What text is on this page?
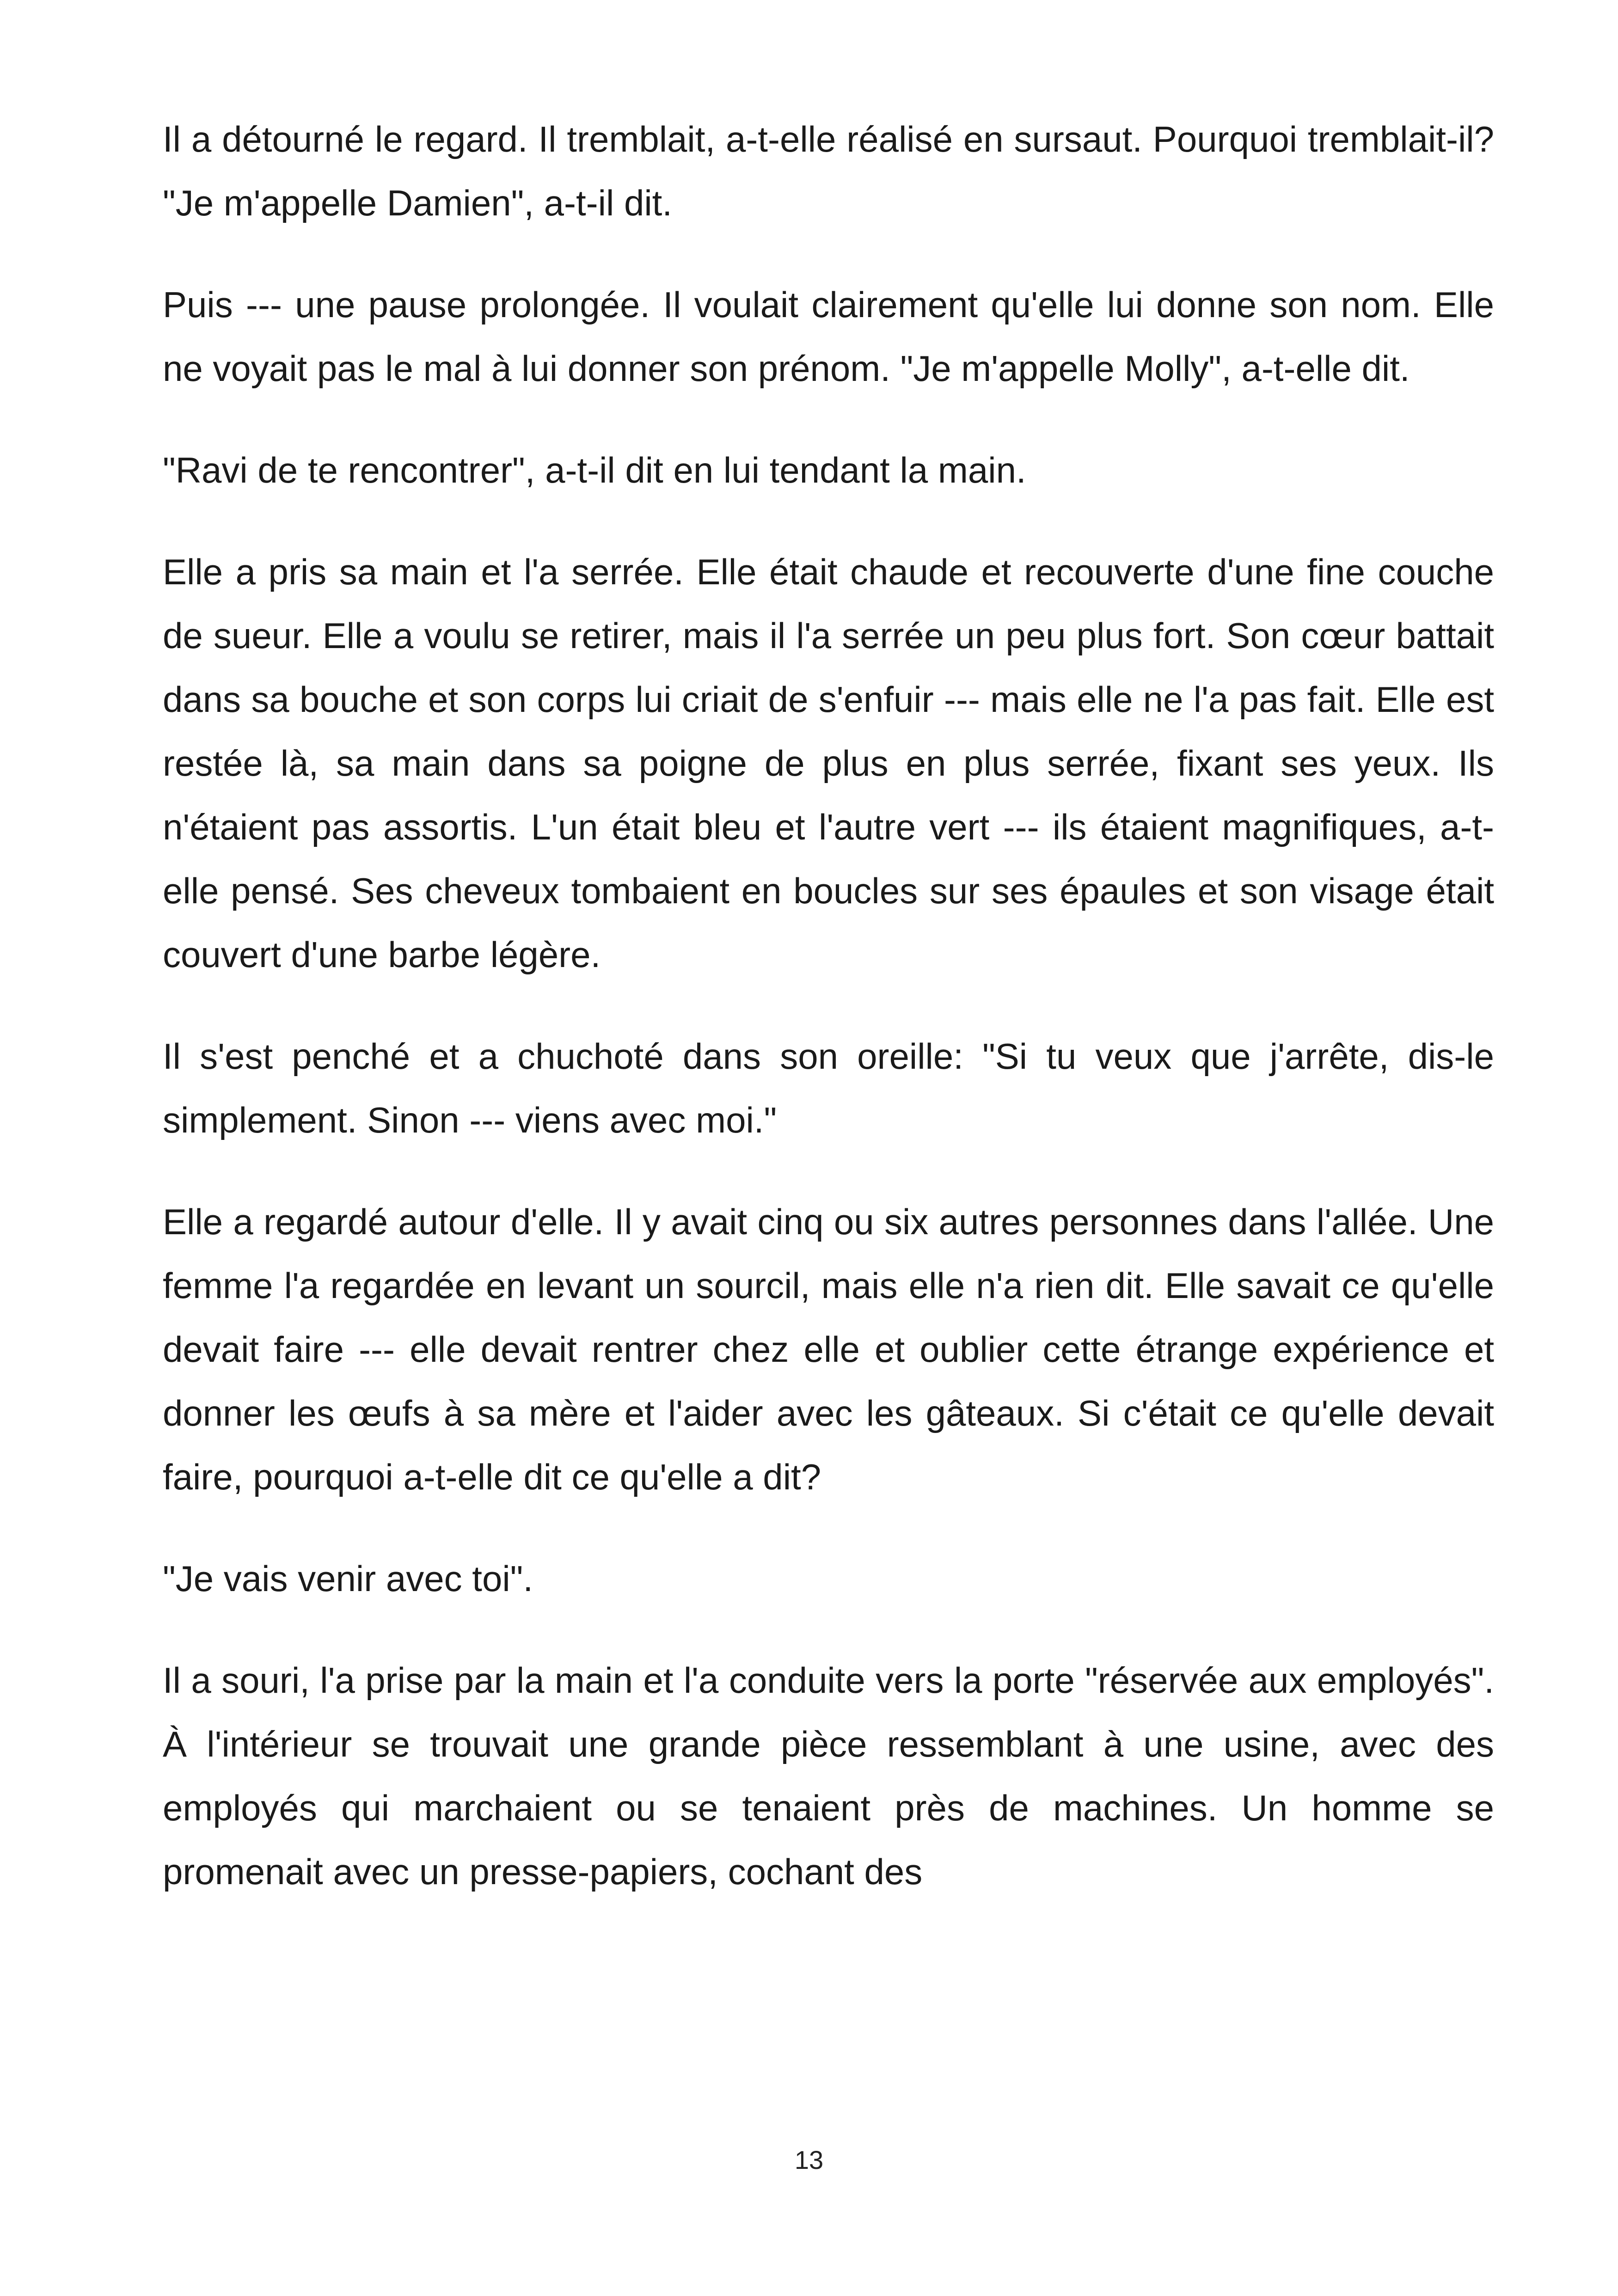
Il a détourné le regard. Il tremblait, a-t-elle réalisé en sursaut. Pourquoi tremblait-il? "Je m'appelle Damien", a-t-il dit.

Puis --- une pause prolongée. Il voulait clairement qu'elle lui donne son nom. Elle ne voyait pas le mal à lui donner son prénom. "Je m'appelle Molly", a-t-elle dit.

"Ravi de te rencontrer", a-t-il dit en lui tendant la main.

Elle a pris sa main et l'a serrée. Elle était chaude et recouverte d'une fine couche de sueur. Elle a voulu se retirer, mais il l'a serrée un peu plus fort. Son cœur battait dans sa bouche et son corps lui criait de s'enfuir --- mais elle ne l'a pas fait. Elle est restée là, sa main dans sa poigne de plus en plus serrée, fixant ses yeux. Ils n'étaient pas assortis. L'un était bleu et l'autre vert --- ils étaient magnifiques, a-t-elle pensé. Ses cheveux tombaient en boucles sur ses épaules et son visage était couvert d'une barbe légère.

Il s'est penché et a chuchoté dans son oreille: "Si tu veux que j'arrête, dis-le simplement. Sinon --- viens avec moi."

Elle a regardé autour d'elle. Il y avait cinq ou six autres personnes dans l'allée. Une femme l'a regardée en levant un sourcil, mais elle n'a rien dit. Elle savait ce qu'elle devait faire --- elle devait rentrer chez elle et oublier cette étrange expérience et donner les œufs à sa mère et l'aider avec les gâteaux. Si c'était ce qu'elle devait faire, pourquoi a-t-elle dit ce qu'elle a dit?

"Je vais venir avec toi".

Il a souri, l'a prise par la main et l'a conduite vers la porte "réservée aux employés". À l'intérieur se trouvait une grande pièce ressemblant à une usine, avec des employés qui marchaient ou se tenaient près de machines. Un homme se promenait avec un presse-papiers, cochant des

13
